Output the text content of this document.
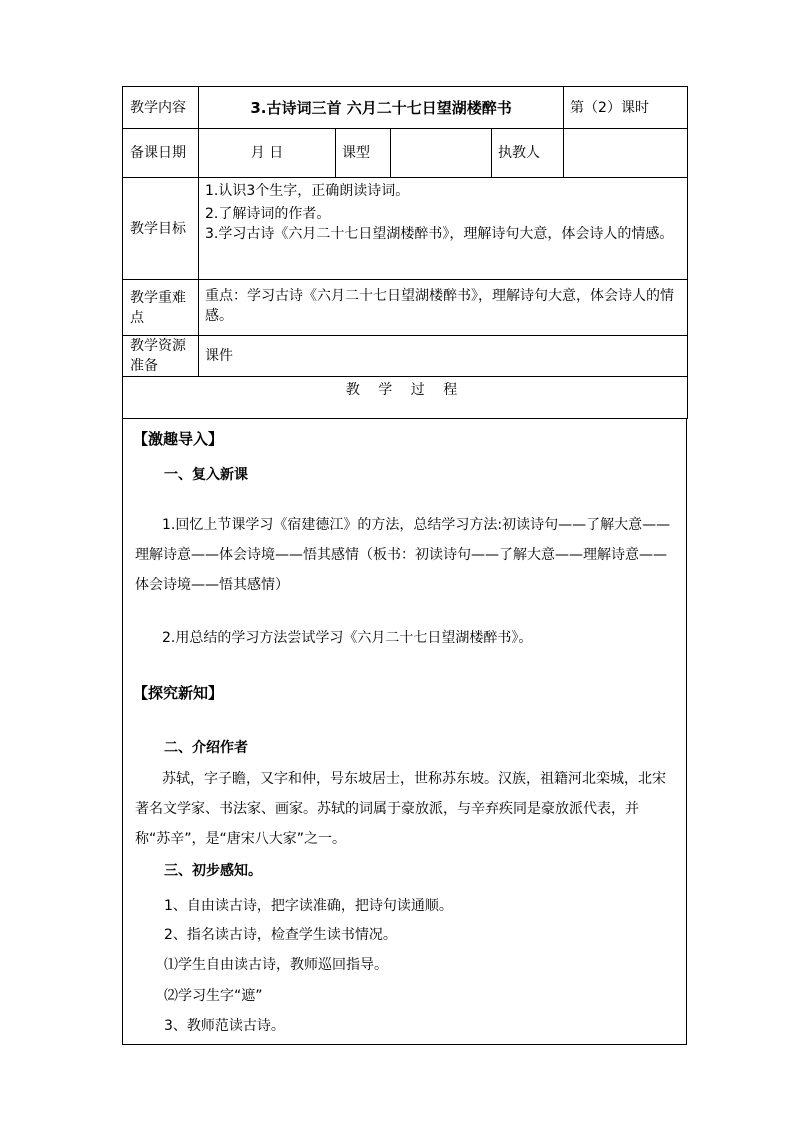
教学内容	3.古诗词三首 六月二十七日望湖楼醉书				第（2）课时
备课日期	月 日	课型		执教人	
教学目标	1.认识3个生字，正确朗读诗词。
2.了解诗词的作者。
3.学习古诗《六月二十七日望湖楼醉书》，理解诗句大意，体会诗人的情感。				

教学重难点	重点：学习古诗《六月二十七日望湖楼醉书》，理解诗句大意，体会诗人的情感。				
教学资源准备	课件				
教 学 过 程					
【激趣导入】
一、复入新课
1.回忆上节课学习《宿建德江》的方法，总结学习方法:初读诗句——了解大意——理解诗意——体会诗境——悟其感情（板书：初读诗句——了解大意——理解诗意——体会诗境——悟其感情）
2.用总结的学习方法尝试学习《六月二十七日望湖楼醉书》。
【探究新知】
二、介绍作者
苏轼，字子瞻，又字和仲，号东坡居士，世称苏东坡。汉族，祖籍河北栾城，北宋著名文学家、书法家、画家。苏轼的词属于豪放派，与辛弃疾同是豪放派代表，并称“苏辛”，是“唐宋八大家”之一。
三、初步感知。
1、自由读古诗，把字读准确，把诗句读通顺。
2、指名读古诗，检查学生读书情况。
⑴学生自由读古诗，教师巡回指导。
⑵学习生字“遮”
3、教师范读古诗。
